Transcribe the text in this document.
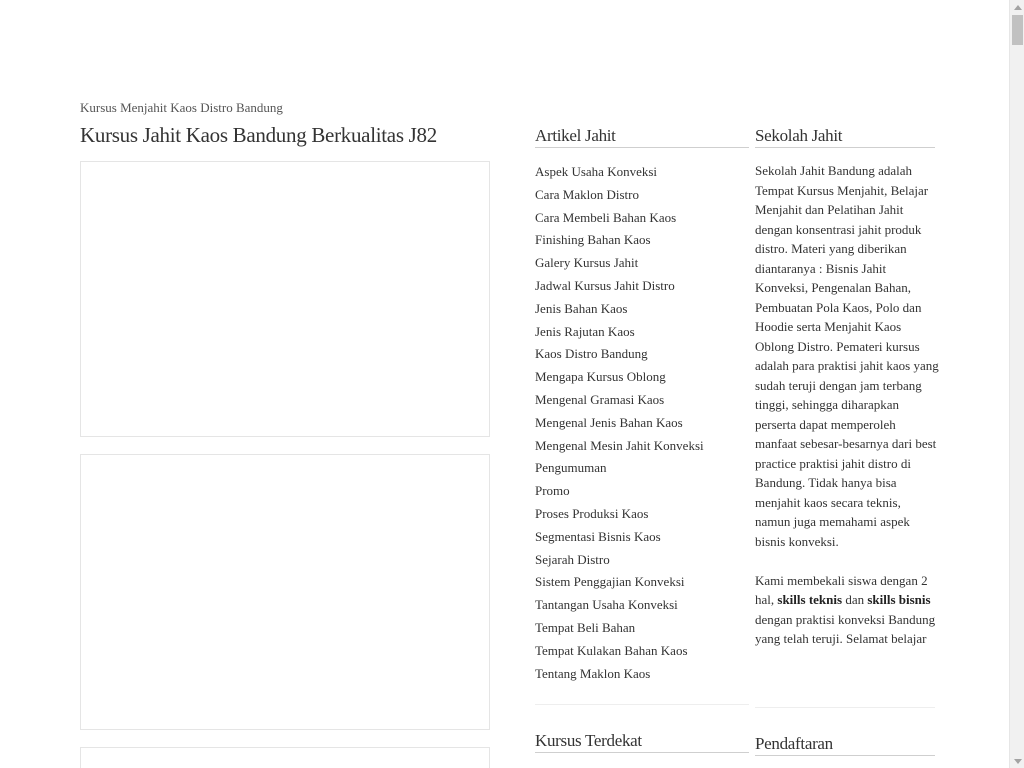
Kursus Menjahit Kaos Distro Bandung
Kursus Jahit Kaos Bandung Berkualitas J82	Artikel Jahit
Aspek Usaha Konveksi
Cara Maklon Distro
Cara Membeli Bahan Kaos
Finishing Bahan Kaos
Galery Kursus Jahit
Jadwal Kursus Jahit Distro
Jenis Bahan Kaos
Jenis Rajutan Kaos
Kaos Distro Bandung
Mengapa Kursus Oblong
Mengenal Gramasi Kaos
Mengenal Jenis Bahan Kaos
Mengenal Mesin Jahit Konveksi
Pengumuman
Promo
Proses Produksi Kaos
Segmentasi Bisnis Kaos
Sejarah Distro
Sistem Penggajian Konveksi
Tantangan Usaha Konveksi
Tempat Beli Bahan
Tempat Kulakan Bahan Kaos
Tentang Maklon Kaos
Sekolah Jahit

Sekolah Jahit Bandung adalah Tempat Kursus Menjahit, Belajar Menjahit dan Pelatihan Jahit dengan konsentrasi jahit produk distro. Materi yang diberikan diantaranya : Bisnis Jahit Konveksi, Pengenalan Bahan, Pembuatan Pola Kaos, Polo dan Hoodie serta Menjahit Kaos Oblong Distro. Pemateri kursus adalah para praktisi jahit kaos yang sudah teruji dengan jam terbang tinggi, sehingga diharapkan perserta dapat memperoleh manfaat sebesar-besarnya dari best practice praktisi jahit distro di Bandung. Tidak hanya bisa menjahit kaos secara teknis, namun juga memahami aspek bisnis konveksi.

Kami membekali siswa dengan 2 hal, skills teknis dan skills bisnis dengan praktisi konveksi Bandung yang telah teruji. Selamat belajar

Kursus Terdekat	Pendaftaran
